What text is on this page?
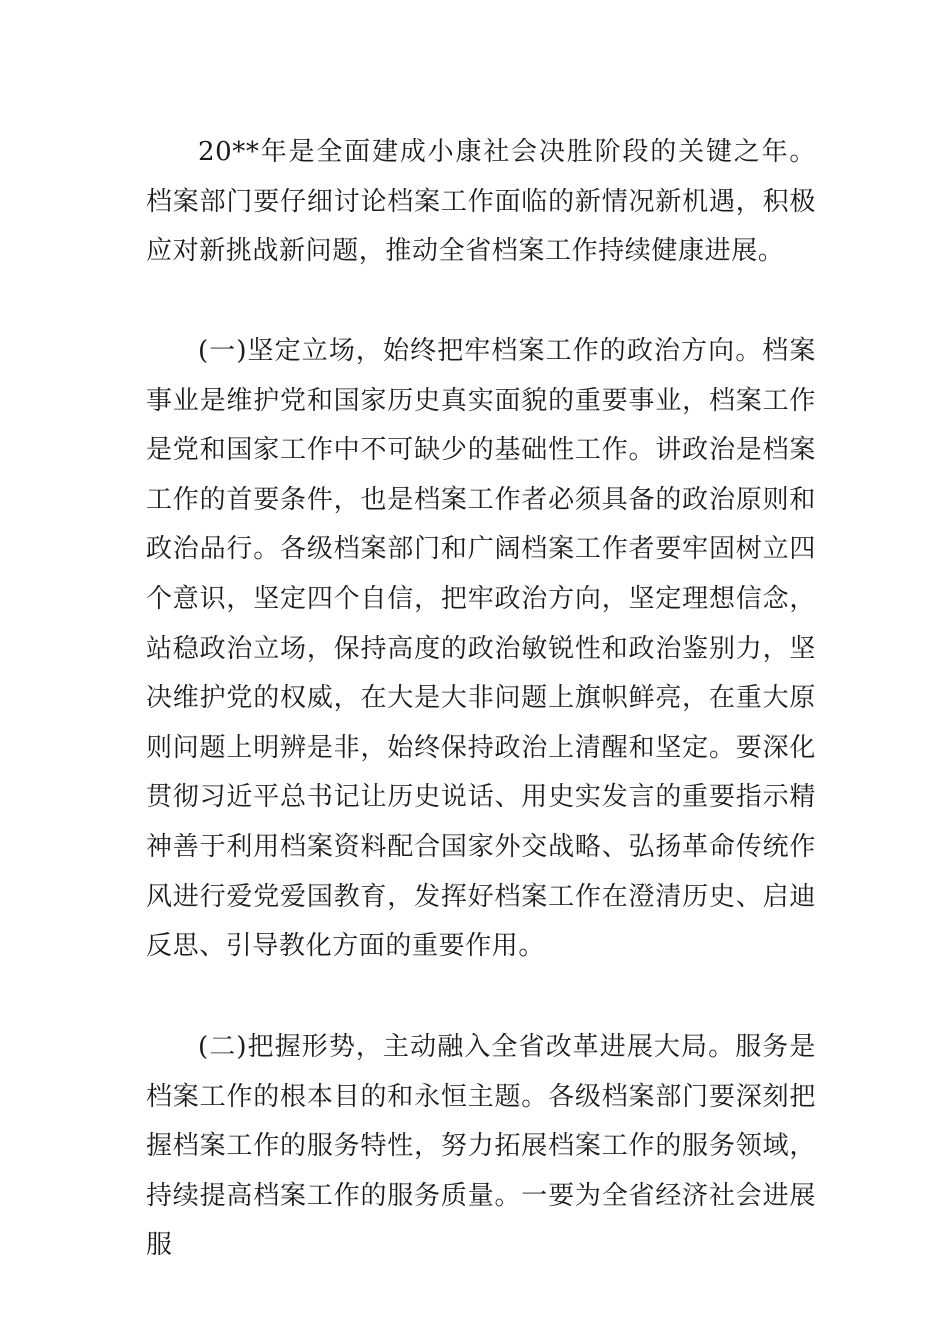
20**年是全面建成小康社会决胜阶段的关键之年。档案部门要仔细讨论档案工作面临的新情况新机遇，积极应对新挑战新问题，推动全省档案工作持续健康进展。

(一)坚定立场，始终把牢档案工作的政治方向。档案事业是维护党和国家历史真实面貌的重要事业，档案工作是党和国家工作中不可缺少的基础性工作。讲政治是档案工作的首要条件，也是档案工作者必须具备的政治原则和政治品行。各级档案部门和广阔档案工作者要牢固树立四个意识，坚定四个自信，把牢政治方向，坚定理想信念，站稳政治立场，保持高度的政治敏锐性和政治鉴别力，坚决维护党的权威，在大是大非问题上旗帜鲜亮，在重大原则问题上明辨是非，始终保持政治上清醒和坚定。要深化贯彻习近平总书记让历史说话、用史实发言的重要指示精神善于利用档案资料配合国家外交战略、弘扬革命传统作风进行爱党爱国教育，发挥好档案工作在澄清历史、启迪反思、引导教化方面的重要作用。

(二)把握形势，主动融入全省改革进展大局。服务是档案工作的根本目的和永恒主题。各级档案部门要深刻把握档案工作的服务特性，努力拓展档案工作的服务领域，持续提高档案工作的服务质量。一要为全省经济社会进展服
